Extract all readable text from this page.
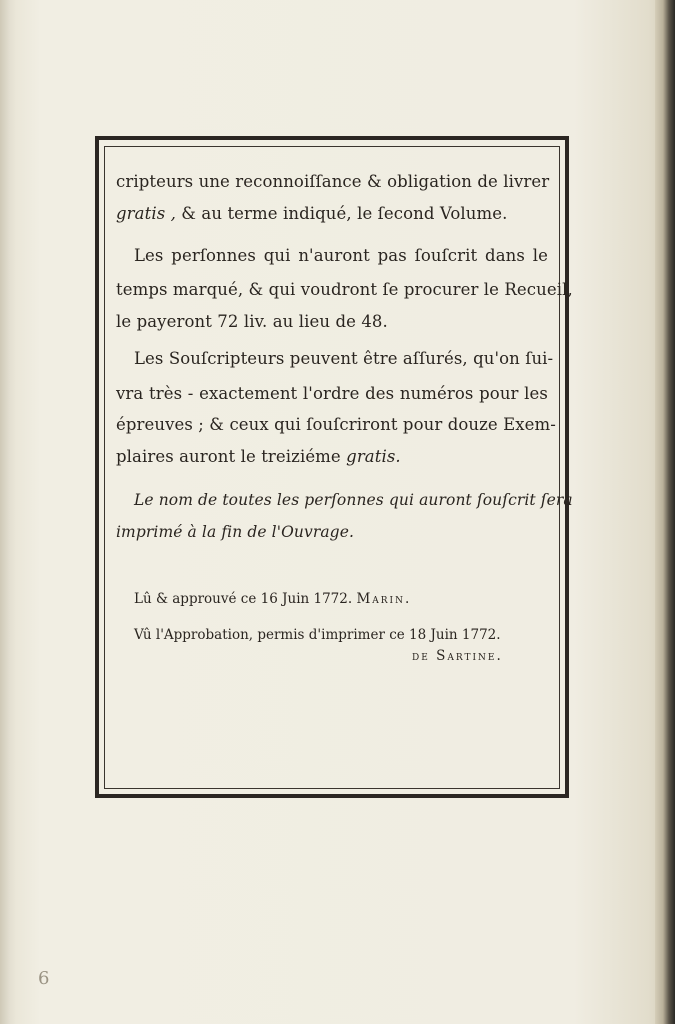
cripteurs une reconnoiſſance & obligation de livrer
gratis , & au terme indiqué, le ſecond Volume.
Les perſonnes qui n'auront pas ſouſcrit dans le
temps marqué, & qui voudront ſe procurer le Recueil,
le payeront 72 liv. au lieu de 48.
Les Souſcripteurs peuvent être aſſurés, qu'on ſui-
vra très - exactement l'ordre des numéros pour les
épreuves ; & ceux qui ſouſcriront pour douze Exem-
plaires auront le treiziéme gratis.
Le nom de toutes les perſonnes qui auront ſouſcrit ſera
imprimé à la fin de l'Ouvrage.
Lû & approuvé ce 16 Juin 1772. Marin.
Vû l'Approbation, permis d'imprimer ce 18 Juin 1772.
de Sartine.
6
